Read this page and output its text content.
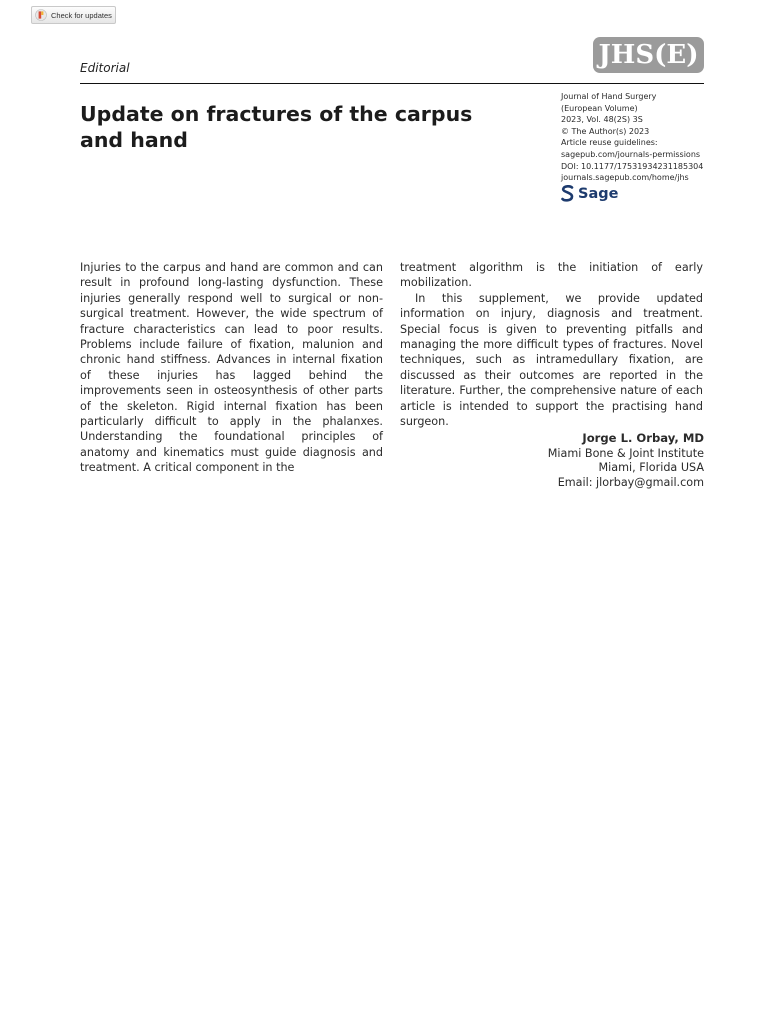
Check for updates
Editorial	JHS(E)
Update on fractures of the carpus and hand
Journal of Hand Surgery
(European Volume)
2023, Vol. 48(2S) 3S
© The Author(s) 2023
Article reuse guidelines:
sagepub.com/journals-permissions
DOI: 10.1177/17531934231185304
journals.sagepub.com/home/jhs
Sage

Injuries to the carpus and hand are common and can result in profound long-lasting dysfunction. These injuries generally respond well to surgical or non-surgical treatment. However, the wide spectrum of fracture characteristics can lead to poor results. Problems include failure of fixation, malunion and chronic hand stiffness. Advances in internal fixation of these injuries has lagged behind the improvements seen in osteosynthesis of other parts of the skeleton. Rigid internal fixation has been particularly difficult to apply in the phalanxes. Understanding the foundational principles of anatomy and kinematics must guide diagnosis and treatment. A critical component in the

treatment algorithm is the initiation of early mobilization.

In this supplement, we provide updated information on injury, diagnosis and treatment. Special focus is given to preventing pitfalls and managing the more difficult types of fractures. Novel techniques, such as intramedullary fixation, are discussed as their outcomes are reported in the literature. Further, the comprehensive nature of each article is intended to support the practising hand surgeon.

Jorge L. Orbay, MD
Miami Bone & Joint Institute
Miami, Florida USA
Email: jlorbay@gmail.com
